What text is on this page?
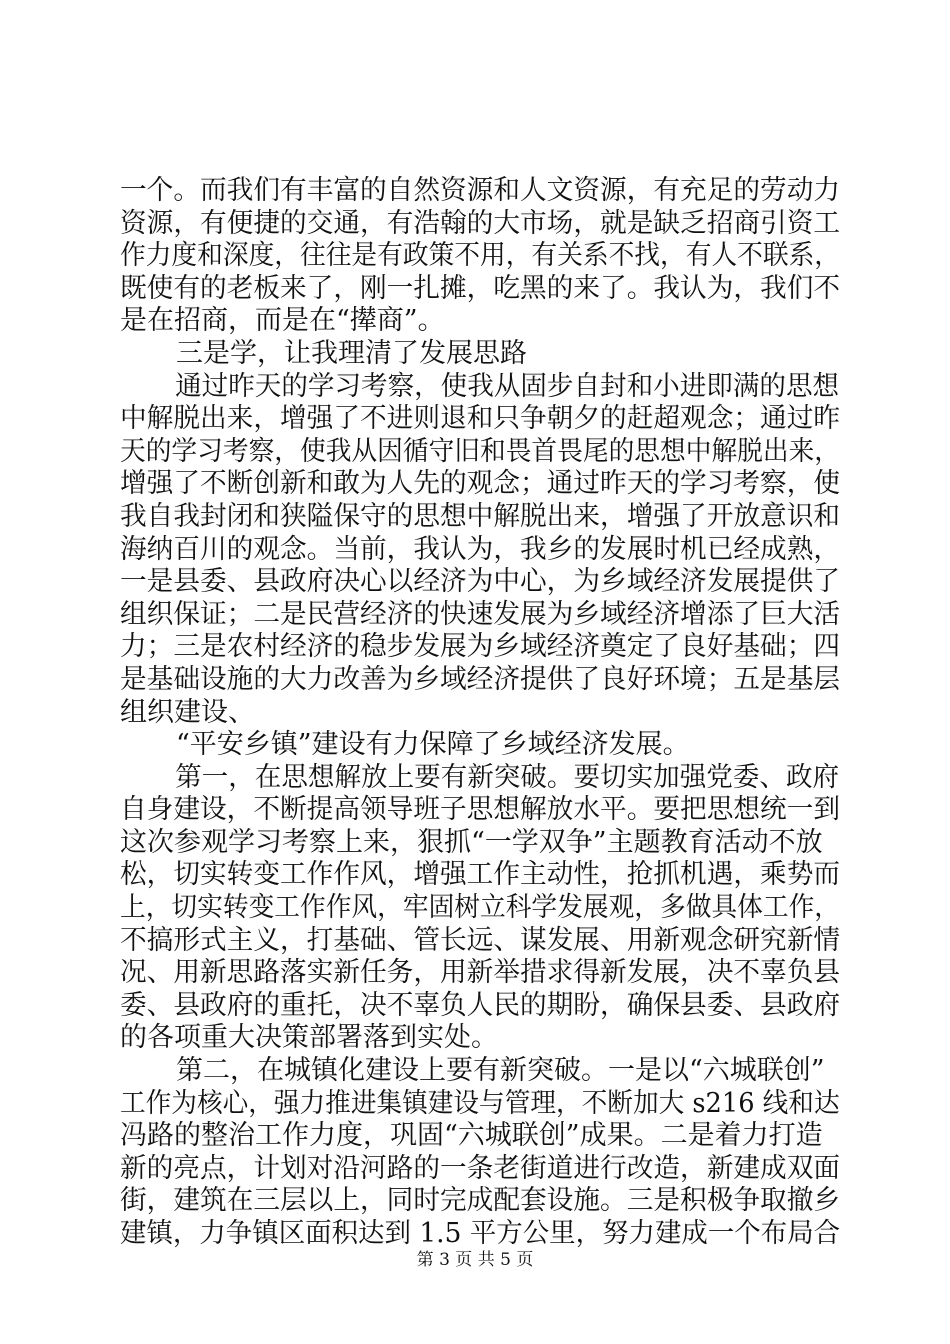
一个。而我们有丰富的自然资源和人文资源，有充足的劳动力
资源，有便捷的交通，有浩翰的大市场，就是缺乏招商引资工
作力度和深度，往往是有政策不用，有关系不找，有人不联系，
既使有的老板来了，刚一扎摊，吃黑的来了。我认为，我们不
是在招商，而是在“撵商”。
三是学，让我理清了发展思路
通过昨天的学习考察，使我从固步自封和小进即满的思想
中解脱出来，增强了不进则退和只争朝夕的赶超观念；通过昨
天的学习考察，使我从因循守旧和畏首畏尾的思想中解脱出来，
增强了不断创新和敢为人先的观念；通过昨天的学习考察，使
我自我封闭和狭隘保守的思想中解脱出来，增强了开放意识和
海纳百川的观念。当前，我认为，我乡的发展时机已经成熟，
一是县委、县政府决心以经济为中心，为乡域经济发展提供了
组织保证；二是民营经济的快速发展为乡域经济增添了巨大活
力；三是农村经济的稳步发展为乡域经济奠定了良好基础；四
是基础设施的大力改善为乡域经济提供了良好环境；五是基层
组织建设、
“平安乡镇”建设有力保障了乡域经济发展。
第一，在思想解放上要有新突破。要切实加强党委、政府
自身建设，不断提高领导班子思想解放水平。要把思想统一到
这次参观学习考察上来，狠抓“一学双争”主题教育活动不放
松，切实转变工作作风，增强工作主动性，抢抓机遇，乘势而
上，切实转变工作作风，牢固树立科学发展观，多做具体工作，
不搞形式主义，打基础、管长远、谋发展、用新观念研究新情
况、用新思路落实新任务，用新举措求得新发展，决不辜负县
委、县政府的重托，决不辜负人民的期盼，确保县委、县政府
的各项重大决策部署落到实处。
第二，在城镇化建设上要有新突破。一是以“六城联创”
工作为核心，强力推进集镇建设与管理，不断加大 s216 线和达
冯路的整治工作力度，巩固“六城联创”成果。二是着力打造
新的亮点，计划对沿河路的一条老街道进行改造，新建成双面
街，建筑在三层以上，同时完成配套设施。三是积极争取撤乡
建镇，力争镇区面积达到 1.5 平方公里，努力建成一个布局合
第 3 页 共 5 页
